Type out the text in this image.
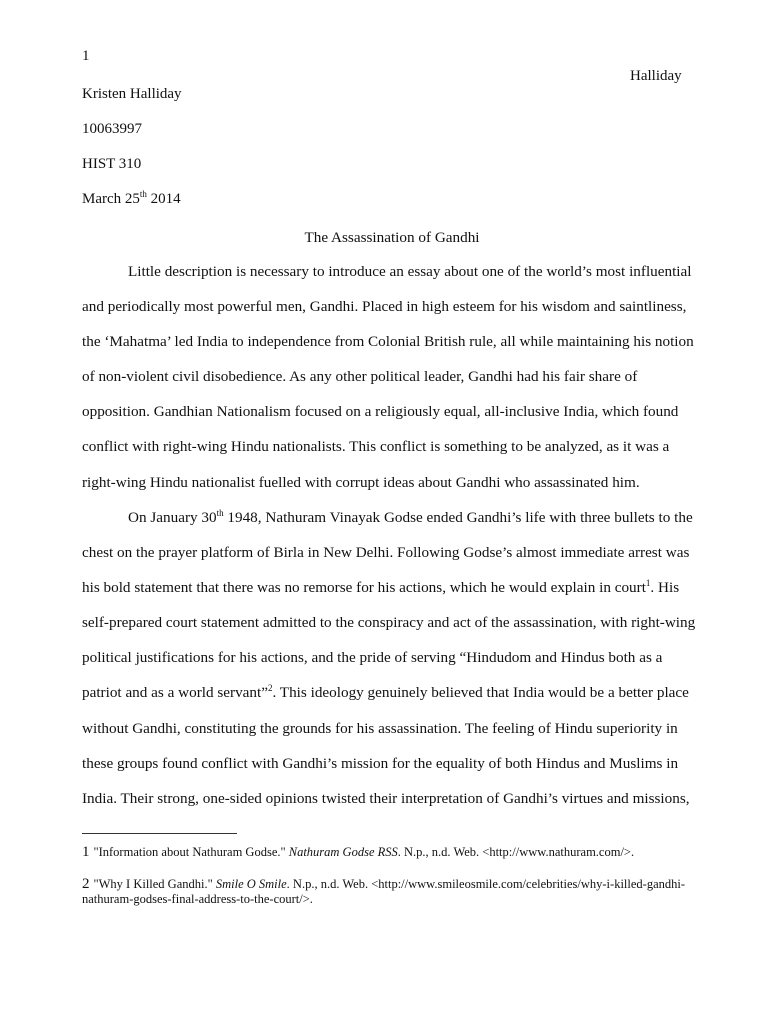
1
Halliday
Kristen Halliday
10063997
HIST 310
March 25th 2014
The Assassination of Gandhi
Little description is necessary to introduce an essay about one of the world’s most influential
and periodically most powerful men, Gandhi. Placed in high esteem for his wisdom and saintliness,
the ‘Mahatma’ led India to independence from Colonial British rule, all while maintaining his notion
of non-violent civil disobedience. As any other political leader, Gandhi had his fair share of
opposition. Gandhian Nationalism focused on a religiously equal, all-inclusive India, which found
conflict with right-wing Hindu nationalists. This conflict is something to be analyzed, as it was a
right-wing Hindu nationalist fuelled with corrupt ideas about Gandhi who assassinated him.
On January 30th 1948, Nathuram Vinayak Godse ended Gandhi’s life with three bullets to the
chest on the prayer platform of Birla in New Delhi. Following Godse’s almost immediate arrest was
his bold statement that there was no remorse for his actions, which he would explain in court$^1$. His
self-prepared court statement admitted to the conspiracy and act of the assassination, with right-wing
political justifications for his actions, and the pride of serving “Hindudom and Hindus both as a
patriot and as a world servant”$^2$. This ideology genuinely believed that India would be a better place
without Gandhi, constituting the grounds for his assassination. The feeling of Hindu superiority in
these groups found conflict with Gandhi’s mission for the equality of both Hindus and Muslims in
India. Their strong, one-sided opinions twisted their interpretation of Gandhi’s virtues and missions,
1 "Information about Nathuram Godse." Nathuram Godse RSS. N.p., n.d. Web. <http://www.nathuram.com/>.
2 "Why I Killed Gandhi." Smile O Smile. N.p., n.d. Web. <http://www.smileosmile.com/celebrities/why-i-killed-gandhi-
nathuram-godses-final-address-to-the-court/>.
